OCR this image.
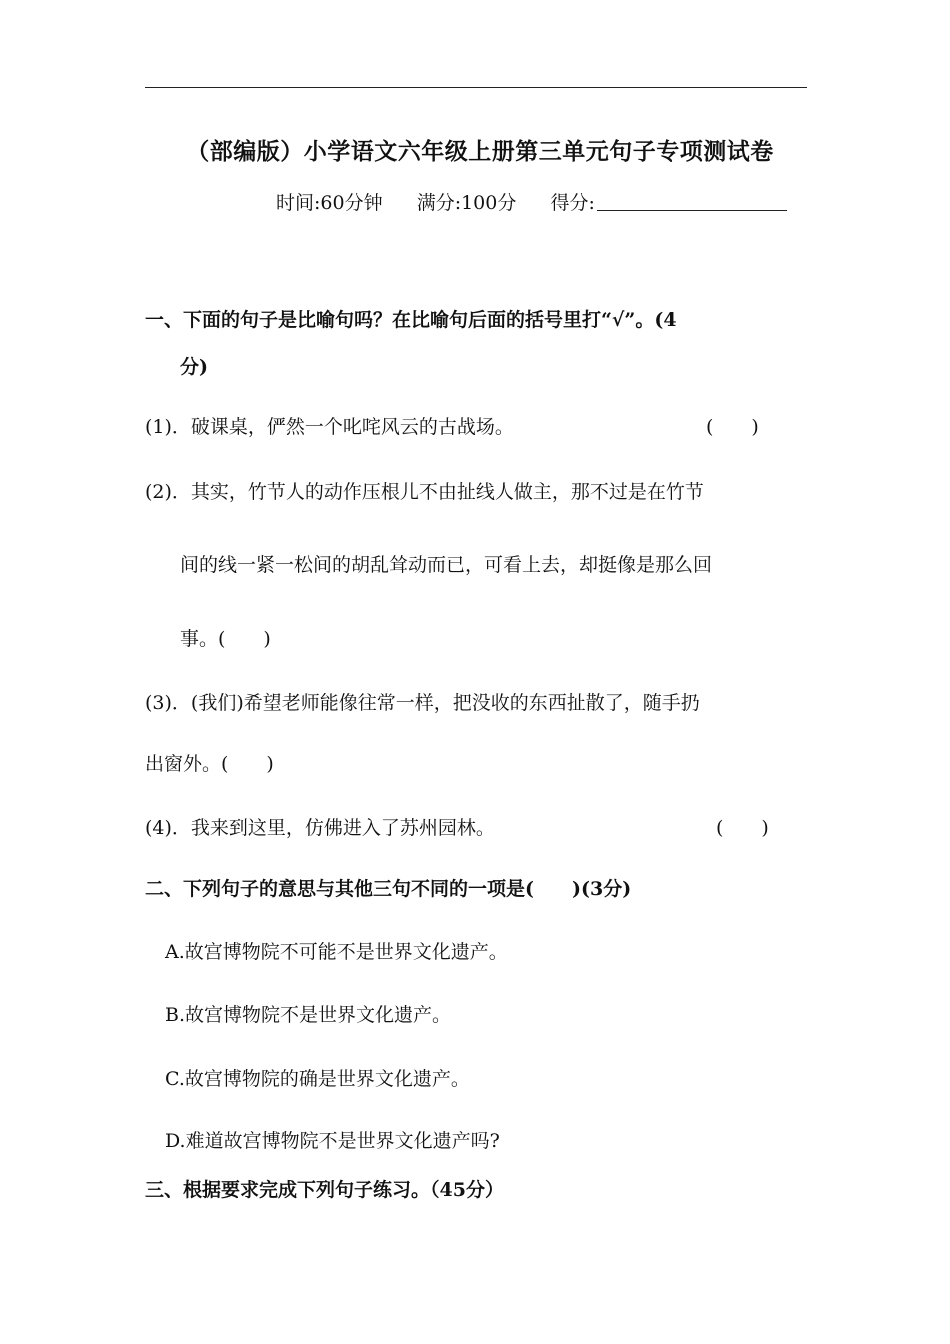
（部编版）小学语文六年级上册第三单元句子专项测试卷
时间:60分钟 满分:100分 得分:
一、下面的句子是比喻句吗？在比喻句后面的括号里打“√”。(4
分)
(1)．破课桌，俨然一个叱咤风云的古战场。	(　　)
(2)．其实，竹节人的动作压根儿不由扯线人做主，那不过是在竹节
间的线一紧一松间的胡乱耸动而已，可看上去，却挺像是那么回
事。(　　)
(3)．(我们)希望老师能像往常一样，把没收的东西扯散了，随手扔
出窗外。(　　)
(4)．我来到这里，仿佛进入了苏州园林。	(　　)
二、下列句子的意思与其他三句不同的一项是(　　)(3分)
A.故宫博物院不可能不是世界文化遗产。
B.故宫博物院不是世界文化遗产。
C.故宫博物院的确是世界文化遗产。
D.难道故宫博物院不是世界文化遗产吗?
三、根据要求完成下列句子练习。（45分）
